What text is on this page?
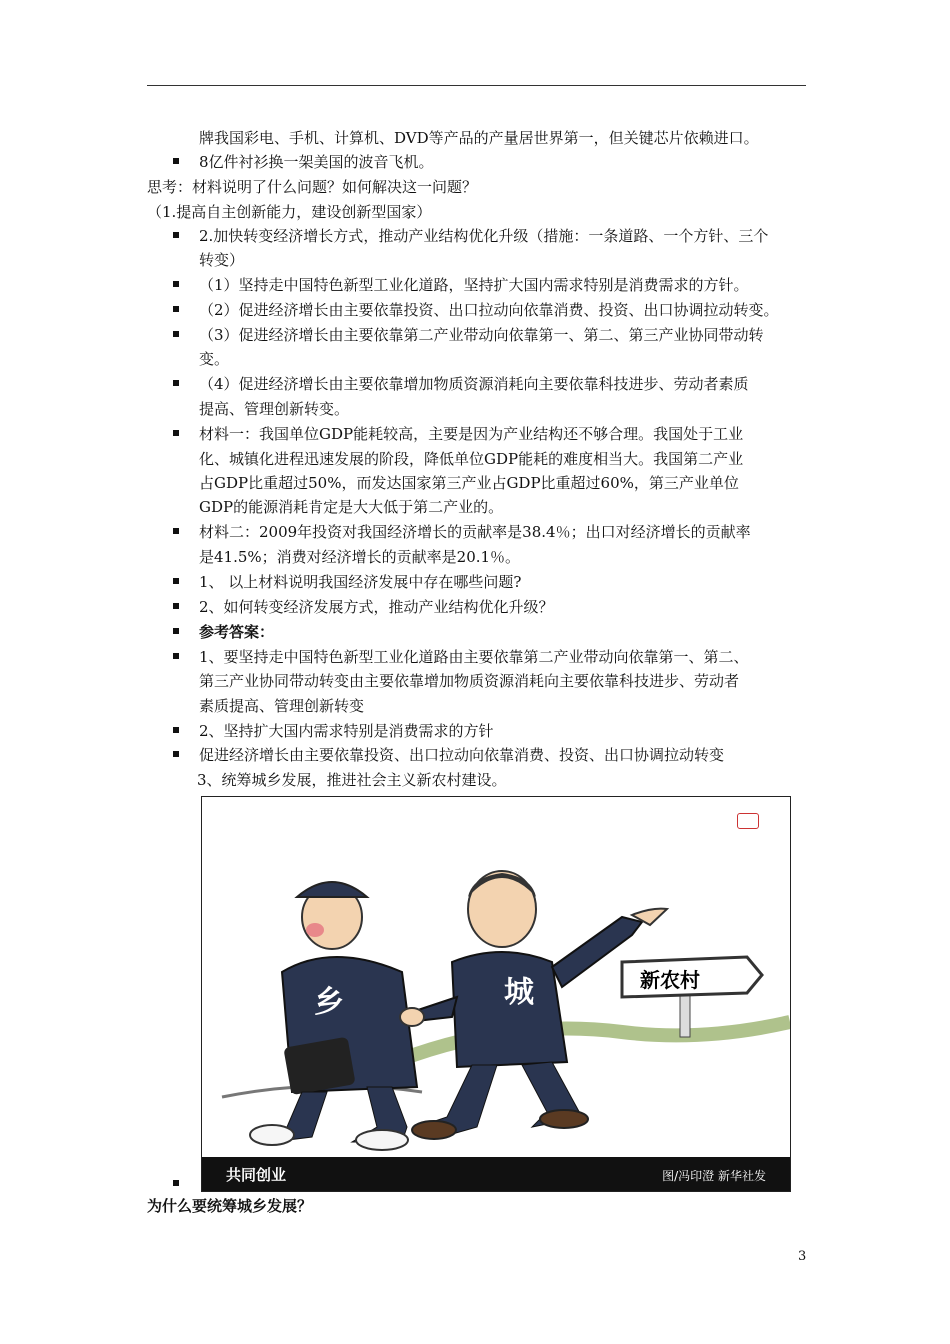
牌我国彩电、手机、计算机、DVD等产品的产量居世界第一，但关键芯片依赖进口。
8亿件衬衫换一架美国的波音飞机。
思考：材料说明了什么问题？如何解决这一问题？
（1.提高自主创新能力，建设创新型国家）
2.加快转变经济增长方式，推动产业结构优化升级（措施：一条道路、一个方针、三个
转变）
（1）坚持走中国特色新型工业化道路，坚持扩大国内需求特别是消费需求的方针。
（2）促进经济增长由主要依靠投资、出口拉动向依靠消费、投资、出口协调拉动转变。
（3）促进经济增长由主要依靠第二产业带动向依靠第一、第二、第三产业协同带动转
变。
（4）促进经济增长由主要依靠增加物质资源消耗向主要依靠科技进步、劳动者素质
提高、管理创新转变。
材料一：我国单位GDP能耗较高，主要是因为产业结构还不够合理。我国处于工业
化、城镇化进程迅速发展的阶段，降低单位GDP能耗的难度相当大。我国第二产业
占GDP比重超过50%，而发达国家第三产业占GDP比重超过60%，第三产业单位
GDP的能源消耗肯定是大大低于第二产业的。
材料二：2009年投资对我国经济增长的贡献率是38.4％；出口对经济增长的贡献率
是41.5%；消费对经济增长的贡献率是20.1％。
1、 以上材料说明我国经济发展中存在哪些问题?
2、如何转变经济发展方式，推动产业结构优化升级？
参考答案：
1、要坚持走中国特色新型工业化道路由主要依靠第二产业带动向依靠第一、第二、
第三产业协同带动转变由主要依靠增加物质资源消耗向主要依靠科技进步、劳动者
素质提高、管理创新转变
2、坚持扩大国内需求特别是消费需求的方针
促进经济增长由主要依靠投资、出口拉动向依靠消费、投资、出口协调拉动转变
3、统筹城乡发展，推进社会主义新农村建设。
乡	城	新农村
共同创业	图/冯印澄 新华社发
为什么要统筹城乡发展？
3
